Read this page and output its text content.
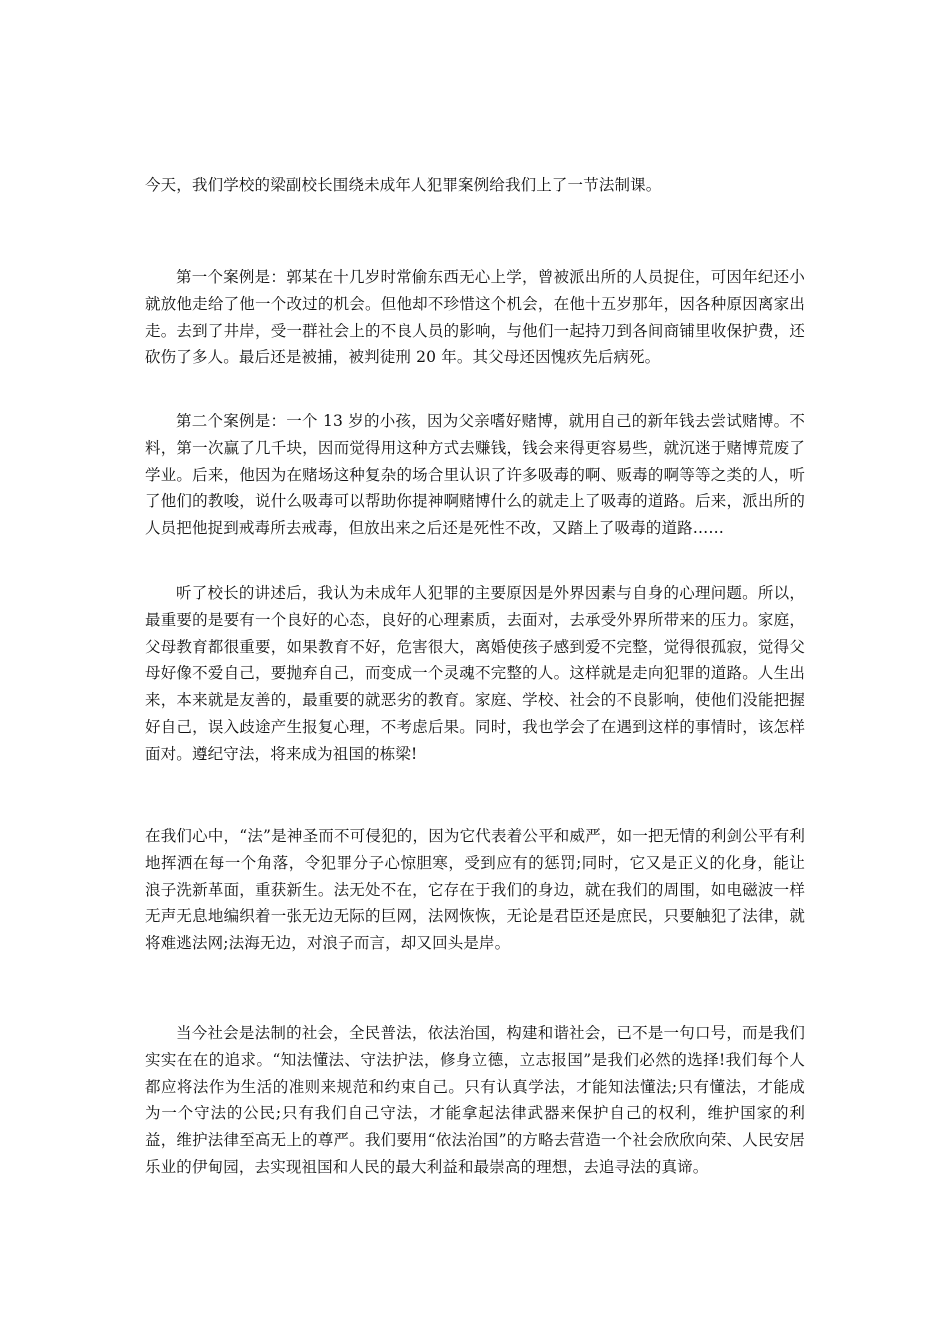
今天，我们学校的梁副校长围绕未成年人犯罪案例给我们上了一节法制课。

第一个案例是：郭某在十几岁时常偷东西无心上学，曾被派出所的人员捉住，可因年纪还小就放他走给了他一个改过的机会。但他却不珍惜这个机会，在他十五岁那年，因各种原因离家出走。去到了井岸，受一群社会上的不良人员的影响，与他们一起持刀到各间商铺里收保护费，还砍伤了多人。最后还是被捕，被判徒刑 20 年。其父母还因愧疚先后病死。

第二个案例是：一个 13 岁的小孩，因为父亲嗜好赌博，就用自己的新年钱去尝试赌博。不料，第一次赢了几千块，因而觉得用这种方式去赚钱，钱会来得更容易些，就沉迷于赌博荒废了学业。后来，他因为在赌场这种复杂的场合里认识了许多吸毒的啊、贩毒的啊等等之类的人，听了他们的教唆，说什么吸毒可以帮助你提神啊赌博什么的就走上了吸毒的道路。后来，派出所的人员把他捉到戒毒所去戒毒，但放出来之后还是死性不改，又踏上了吸毒的道路……

听了校长的讲述后，我认为未成年人犯罪的主要原因是外界因素与自身的心理问题。所以，最重要的是要有一个良好的心态，良好的心理素质，去面对，去承受外界所带来的压力。家庭，父母教育都很重要，如果教育不好，危害很大，离婚使孩子感到爱不完整，觉得很孤寂，觉得父母好像不爱自己，要抛弃自己，而变成一个灵魂不完整的人。这样就是走向犯罪的道路。人生出来，本来就是友善的，最重要的就恶劣的教育。家庭、学校、社会的不良影响，使他们没能把握好自己，误入歧途产生报复心理，不考虑后果。同时，我也学会了在遇到这样的事情时，该怎样面对。遵纪守法，将来成为祖国的栋梁!

在我们心中，“法”是神圣而不可侵犯的，因为它代表着公平和威严，如一把无情的利剑公平有利地挥洒在每一个角落，令犯罪分子心惊胆寒，受到应有的惩罚;同时，它又是正义的化身，能让浪子洗新革面，重获新生。法无处不在，它存在于我们的身边，就在我们的周围，如电磁波一样无声无息地编织着一张无边无际的巨网，法网恢恢，无论是君臣还是庶民，只要触犯了法律，就将难逃法网;法海无边，对浪子而言，却又回头是岸。

当今社会是法制的社会，全民普法，依法治国，构建和谐社会，已不是一句口号，而是我们实实在在的追求。“知法懂法、守法护法，修身立德，立志报国”是我们必然的选择!我们每个人都应将法作为生活的准则来规范和约束自己。只有认真学法，才能知法懂法;只有懂法，才能成为一个守法的公民;只有我们自己守法，才能拿起法律武器来保护自己的权利，维护国家的利益，维护法律至高无上的尊严。我们要用“依法治国”的方略去营造一个社会欣欣向荣、人民安居乐业的伊甸园，去实现祖国和人民的最大利益和最崇高的理想，去追寻法的真谛。
